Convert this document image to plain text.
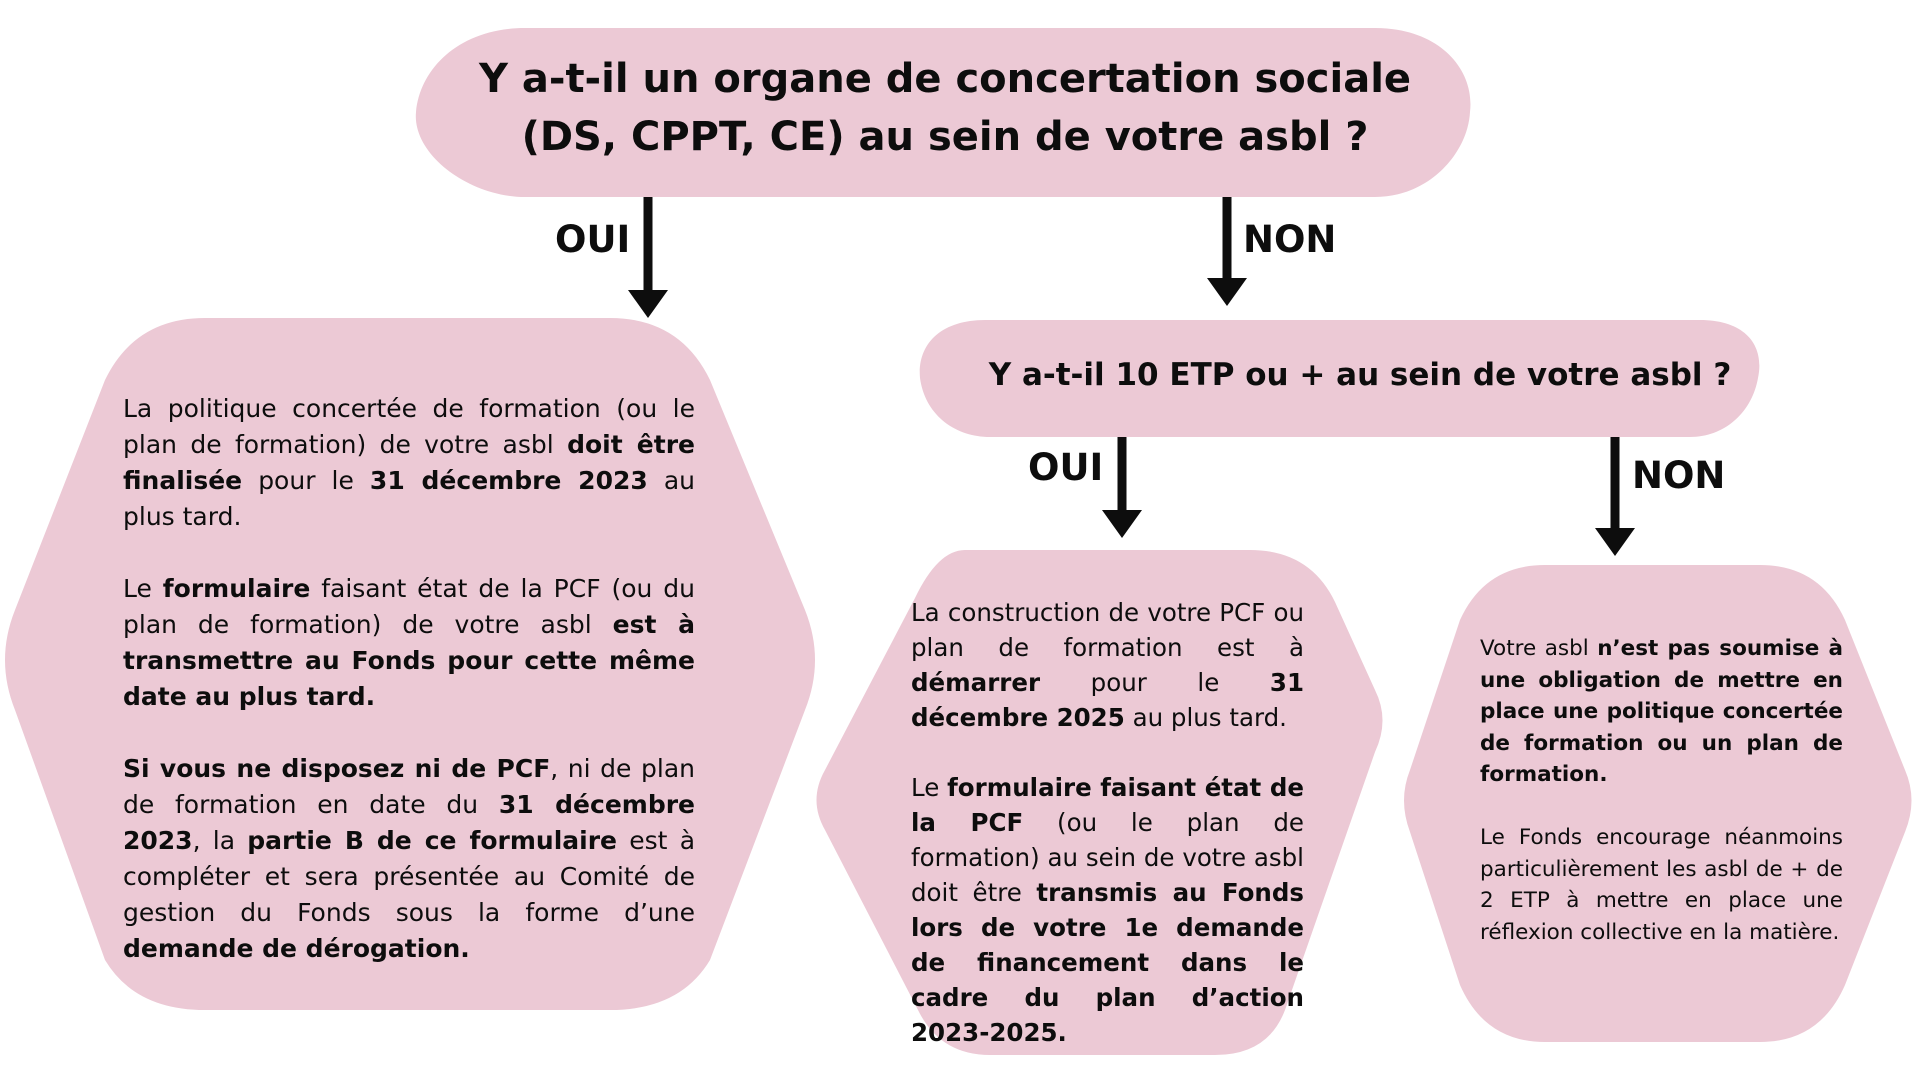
Y a-t-il un organe de concertation sociale
(DS, CPPT, CE) au sein de votre asbl ?
OUI	NON
OUI	NON
Y a-t-il 10 ETP ou + au sein de votre asbl ?

La politique concertée de formation (ou le plan de formation) de votre asbl doit être finalisée pour le 31 décembre 2023 au plus tard.

Le formulaire faisant état de la PCF (ou du plan de formation) de votre asbl est à transmettre au Fonds pour cette même date au plus tard.

Si vous ne disposez ni de PCF, ni de plan de formation en date du 31 décembre 2023, la partie B de ce formulaire est à compléter et sera présentée au Comité de gestion du Fonds sous la forme d’une demande de dérogation.

La construction de votre PCF ou plan de formation est à démarrer pour le 31 décembre 2025 au plus tard.

Le formulaire faisant état de la PCF (ou le plan de formation) au sein de votre asbl doit être transmis au Fonds lors de votre 1e demande de financement dans le cadre du plan d’action 2023-2025.

Votre asbl n’est pas soumise à une obligation de mettre en place une politique concertée de formation ou un plan de formation.

Le Fonds encourage néanmoins particulièrement les asbl de + de 2 ETP à mettre en place une réflexion collective en la matière.
